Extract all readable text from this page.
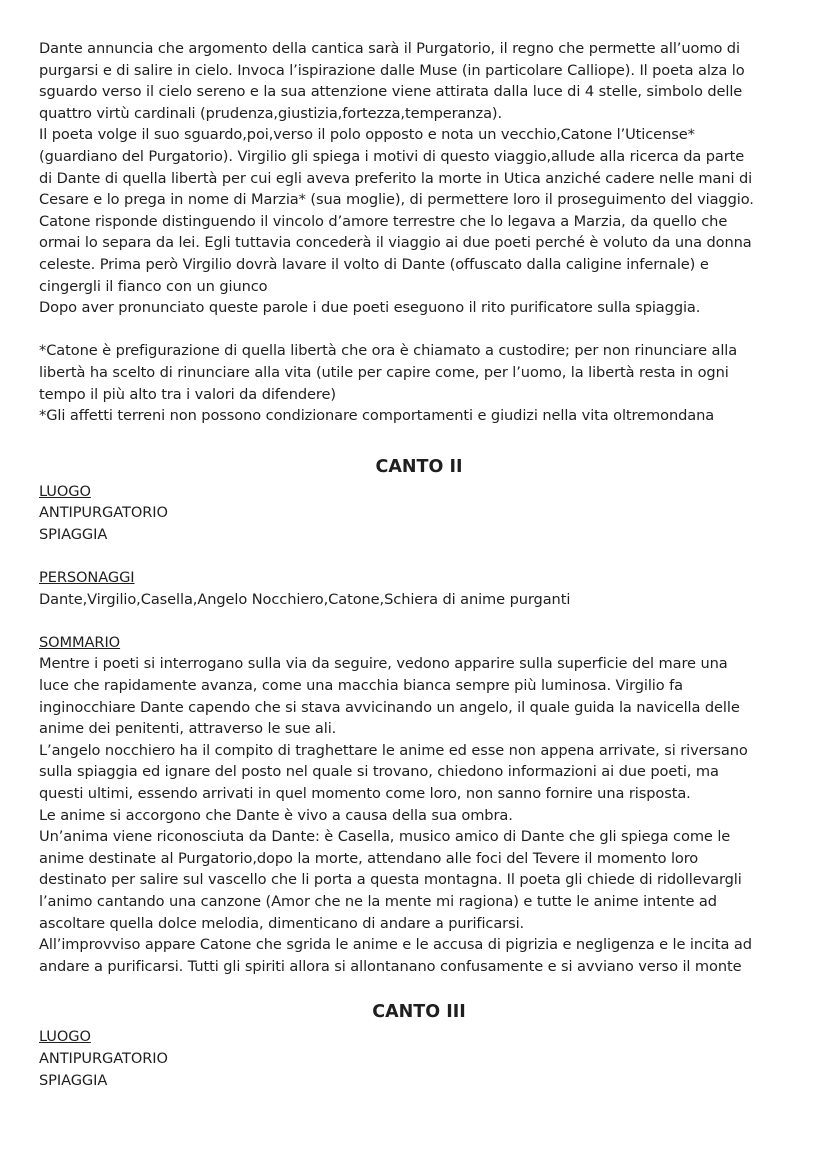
Dante annuncia che argomento della cantica sarà il Purgatorio, il regno che permette all’uomo di
purgarsi e di salire in cielo. Invoca l’ispirazione dalle Muse (in particolare Calliope). Il poeta alza lo
sguardo verso il cielo sereno e la sua attenzione viene attirata dalla luce di 4 stelle, simbolo delle
quattro virtù cardinali (prudenza,giustizia,fortezza,temperanza).

Il poeta volge il suo sguardo,poi,verso il polo opposto e nota un vecchio,Catone l’Uticense*
(guardiano del Purgatorio). Virgilio gli spiega i motivi di questo viaggio,allude alla ricerca da parte
di Dante di quella libertà per cui egli aveva preferito la morte in Utica anziché cadere nelle mani di
Cesare e lo prega in nome di Marzia* (sua moglie), di permettere loro il proseguimento del viaggio.
Catone risponde distinguendo il vincolo d’amore terrestre che lo legava a Marzia, da quello che
ormai lo separa da lei. Egli tuttavia concederà il viaggio ai due poeti perché è voluto da una donna
celeste. Prima però Virgilio dovrà lavare il volto di Dante (offuscato dalla caligine infernale) e
cingergli il fianco con un giunco

Dopo aver pronunciato queste parole i due poeti eseguono il rito purificatore sulla spiaggia.

*Catone è prefigurazione di quella libertà che ora è chiamato a custodire; per non rinunciare alla
libertà ha scelto di rinunciare alla vita (utile per capire come, per l’uomo, la libertà resta in ogni
tempo il più alto tra i valori da difendere)

*Gli affetti terreni non possono condizionare comportamenti e giudizi nella vita oltremondana

CANTO II

LUOGO

ANTIPURGATORIO

SPIAGGIA

PERSONAGGI

Dante,Virgilio,Casella,Angelo Nocchiero,Catone,Schiera di anime purganti

SOMMARIO

Mentre i poeti si interrogano sulla via da seguire, vedono apparire sulla superficie del mare una
luce che rapidamente avanza, come una macchia bianca sempre più luminosa. Virgilio fa
inginocchiare Dante capendo che si stava avvicinando un angelo, il quale guida la navicella delle
anime dei penitenti, attraverso le sue ali.

L’angelo nocchiero ha il compito di traghettare le anime ed esse non appena arrivate, si riversano
sulla spiaggia ed ignare del posto nel quale si trovano, chiedono informazioni ai due poeti, ma
questi ultimi, essendo arrivati in quel momento come loro, non sanno fornire una risposta.

Le anime si accorgono che Dante è vivo a causa della sua ombra.

Un’anima viene riconosciuta da Dante: è Casella, musico amico di Dante che gli spiega come le
anime destinate al Purgatorio,dopo la morte, attendano alle foci del Tevere il momento loro
destinato per salire sul vascello che li porta a questa montagna. Il poeta gli chiede di ridollevargli
l’animo cantando una canzone (Amor che ne la mente mi ragiona) e tutte le anime intente ad
ascoltare quella dolce melodia, dimenticano di andare a purificarsi.

All’improvviso appare Catone che sgrida le anime e le accusa di pigrizia e negligenza e le incita ad
andare a purificarsi. Tutti gli spiriti allora si allontanano confusamente e si avviano verso il monte

CANTO III

LUOGO

ANTIPURGATORIO

SPIAGGIA
